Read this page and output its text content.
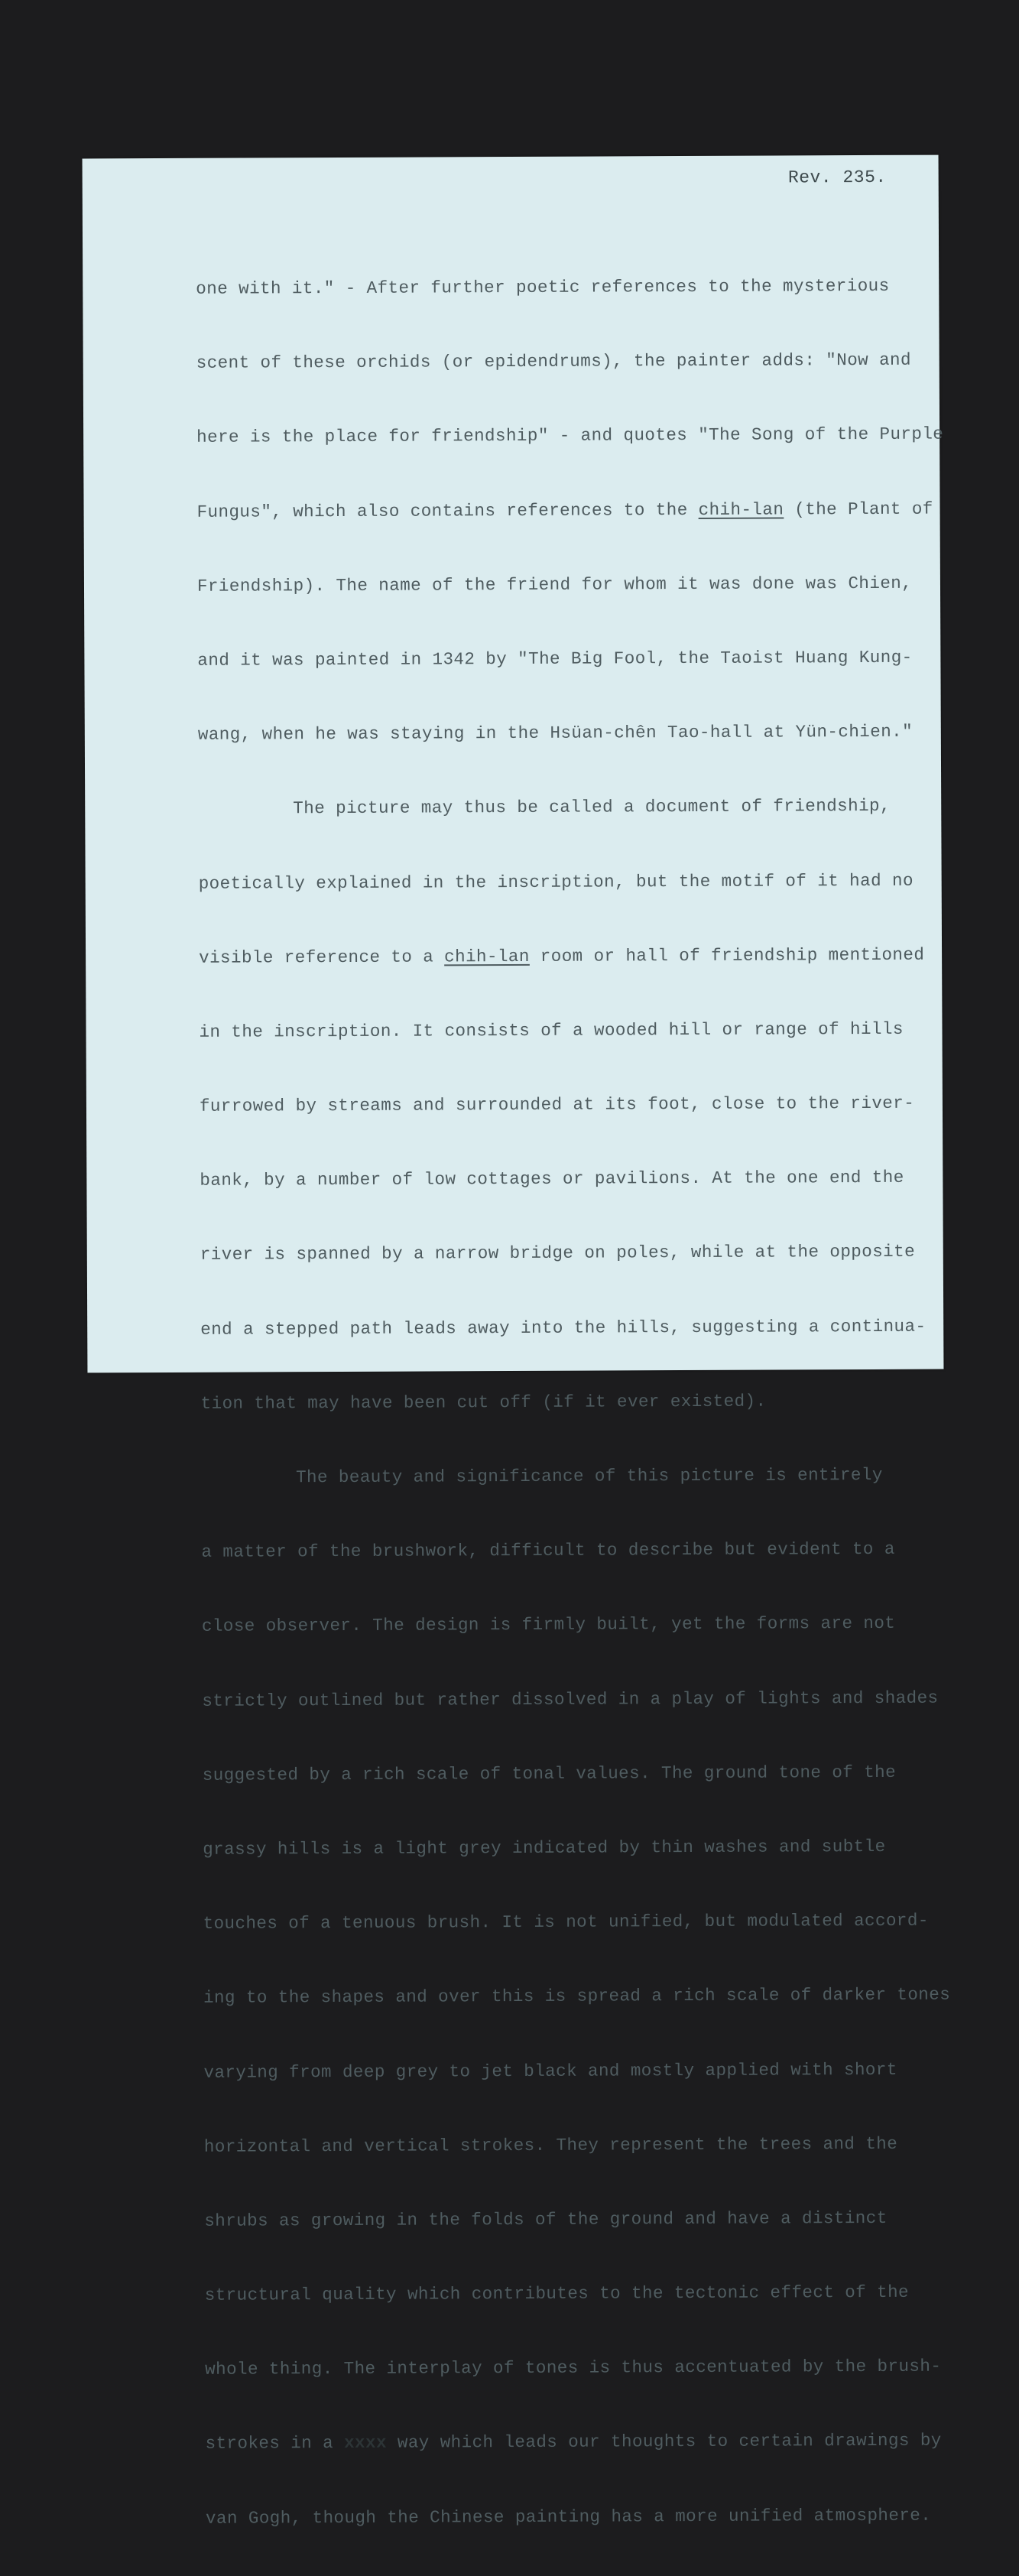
Rev. 235.

one with it." - After further poetic references to the mysterious

scent of these orchids (or epidendrums), the painter adds: "Now and

here is the place for friendship" - and quotes "The Song of the Purple

Fungus", which also contains references to the chih-lan (the Plant of

Friendship). The name of the friend for whom it was done was Chien,

and it was painted in 1342 by "The Big Fool, the Taoist Huang Kung-

wang, when he was staying in the Hsüan-chên Tao-hall at Yün-chien."

The picture may thus be called a document of friendship,

poetically explained in the inscription, but the motif of it had no

visible reference to a chih-lan room or hall of friendship mentioned

in the inscription. It consists of a wooded hill or range of hills

furrowed by streams and surrounded at its foot, close to the river-

bank, by a number of low cottages or pavilions. At the one end the

river is spanned by a narrow bridge on poles, while at the opposite

end a stepped path leads away into the hills, suggesting a continua-

tion that may have been cut off (if it ever existed).

The beauty and significance of this picture is entirely

a matter of the brushwork, difficult to describe but evident to a

close observer. The design is firmly built, yet the forms are not

strictly outlined but rather dissolved in a play of lights and shades

suggested by a rich scale of tonal values. The ground tone of the

grassy hills is a light grey indicated by thin washes and subtle

touches of a tenuous brush. It is not unified, but modulated accord-

ing to the shapes and over this is spread a rich scale of darker tones

varying from deep grey to jet black and mostly applied with short

horizontal and vertical strokes. They represent the trees and the

shrubs as growing in the folds of the ground and have a distinct

structural quality which contributes to the tectonic effect of the

whole thing. The interplay of tones is thus accentuated by the brush-

strokes in a xxxx way which leads our thoughts to certain drawings by

van Gogh, though the Chinese painting has a more unified atmosphere.
